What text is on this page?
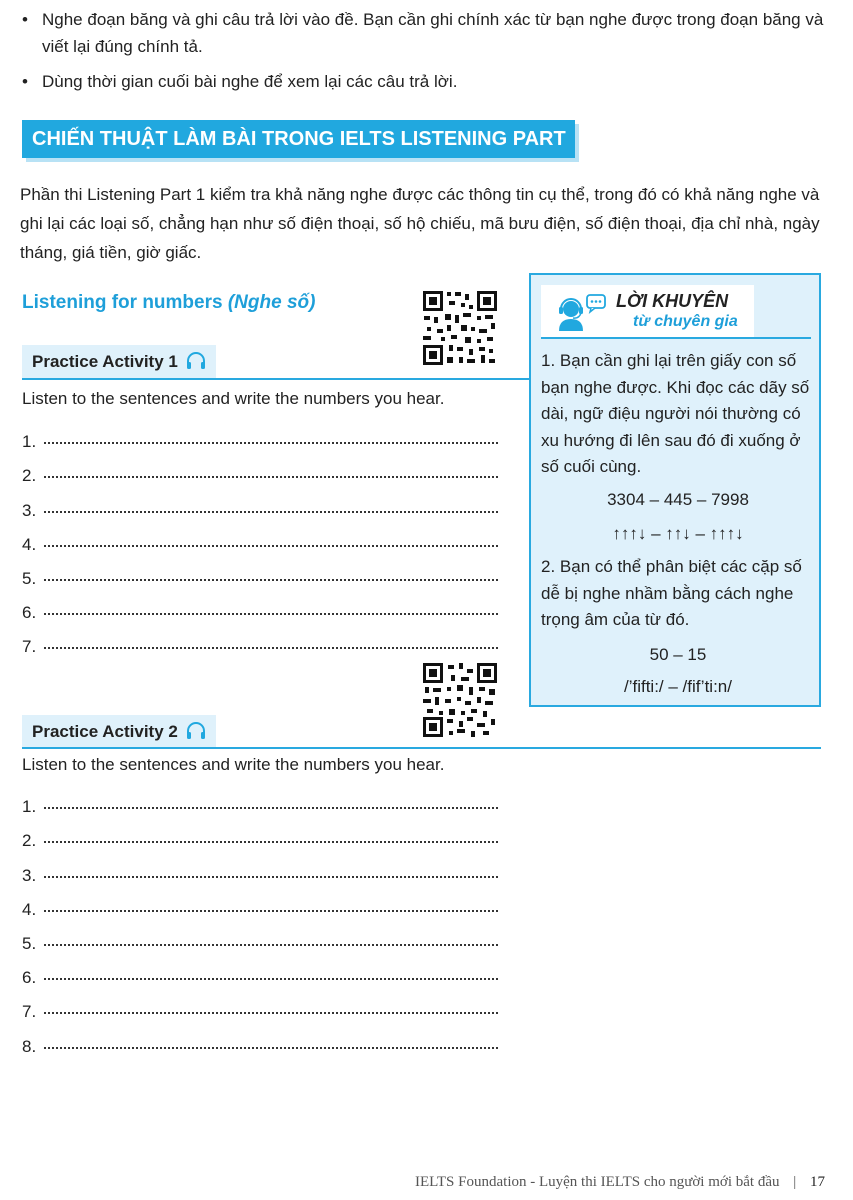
• Nghe đoạn băng và ghi câu trả lời vào đề. Bạn cần ghi chính xác từ bạn nghe được trong đoạn băng và viết lại đúng chính tả.
• Dùng thời gian cuối bài nghe để xem lại các câu trả lời.
CHIẾN THUẬT LÀM BÀI TRONG IELTS LISTENING PART 1
Phần thi Listening Part 1 kiểm tra khả năng nghe được các thông tin cụ thể, trong đó có khả năng nghe và ghi lại các loại số, chẳng hạn như số điện thoại, số hộ chiếu, mã bưu điện, số điện thoại, địa chỉ nhà, ngày tháng, giá tiền, giờ giấc.
Listening for numbers (Nghe số)
Practice Activity 1
Listen to the sentences and write the numbers you hear.
1.
2.
3.
4.
5.
6.
7.
Practice Activity 2
Listen to the sentences and write the numbers you hear.
1.
2.
3.
4.
5.
6.
7.
8.
LỜI KHUYÊN
từ chuyên gia
1. Bạn cần ghi lại trên giấy con số bạn nghe được. Khi đọc các dãy số dài, ngữ điệu người nói thường có xu hướng đi lên sau đó đi xuống ở số cuối cùng.
3304 – 445 – 7998
↑↑↑↓ – ↑↑↓ – ↑↑↑↓
2. Bạn có thể phân biệt các cặp số dễ bị nghe nhầm bằng cách nghe trọng âm của từ đó.
50 – 15
/’fifti:/ – /fif’ti:n/
IELTS Foundation - Luyện thi IELTS cho người mới bắt đầu | 17
